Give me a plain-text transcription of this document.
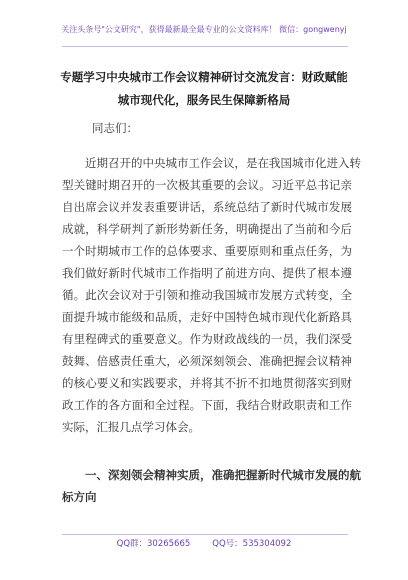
关注头条号"公文研究"，获得最新最全最专业的公文资料库！ 微信：gongwenyj
专题学习中央城市工作会议精神研讨交流发言：财政赋能
城市现代化，服务民生保障新格局
同志们：

近期召开的中央城市工作会议，是在我国城市化进入转
型关键时期召开的一次极其重要的会议。习近平总书记亲
自出席会议并发表重要讲话，系统总结了新时代城市发展
成就，科学研判了新形势新任务，明确提出了当前和今后
一个时期城市工作的总体要求、重要原则和重点任务，为
我们做好新时代城市工作指明了前进方向、提供了根本遵
循。此次会议对于引领和推动我国城市发展方式转变，全
面提升城市能级和品质，走好中国特色城市现代化新路具
有里程碑式的重要意义。作为财政战线的一员，我们深受
鼓舞、倍感责任重大，必须深刻领会、准确把握会议精神
的核心要义和实践要求，并将其不折不扣地贯彻落实到财
政工作的各方面和全过程。下面，我结合财政职责和工作
实际，汇报几点学习体会。

一、深刻领会精神实质，准确把握新时代城市发展的航
标方向
QQ群：30265665	QQ号：535304092
